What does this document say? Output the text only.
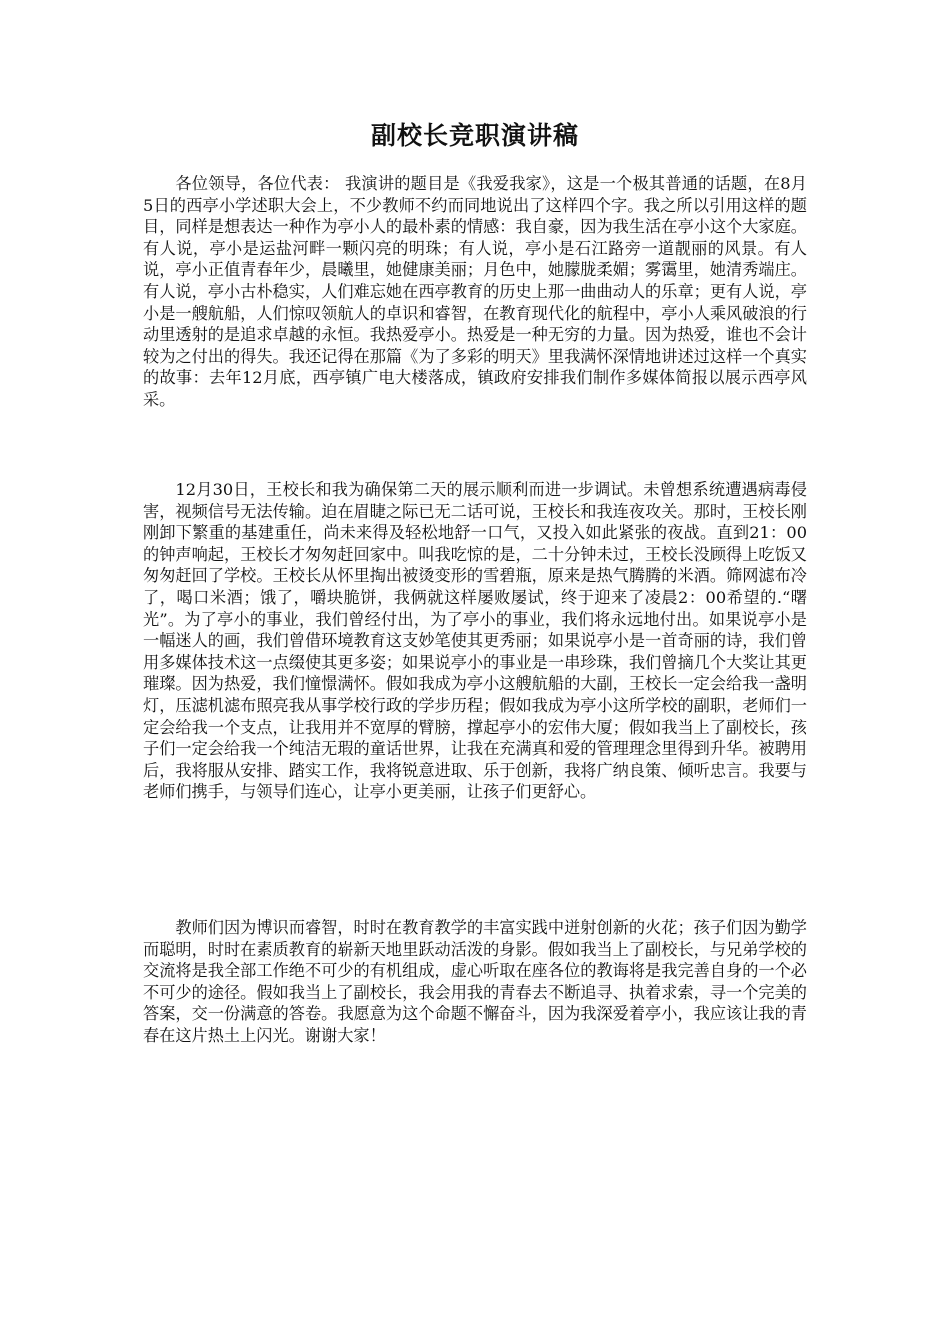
副校长竞职演讲稿

各位领导，各位代表： 我演讲的题目是《我爱我家》，这是一个极其普通的话题，在8月5日的西亭小学述职大会上，不少教师不约而同地说出了这样四个字。我之所以引用这样的题目，同样是想表达一种作为亭小人的最朴素的情感：我自豪，因为我生活在亭小这个大家庭。有人说，亭小是运盐河畔一颗闪亮的明珠；有人说，亭小是石江路旁一道靓丽的风景。有人说，亭小正值青春年少，晨曦里，她健康美丽；月色中，她朦胧柔媚；雾霭里，她清秀端庄。有人说，亭小古朴稳实，人们难忘她在西亭教育的历史上那一曲曲动人的乐章；更有人说，亭小是一艘航船，人们惊叹领航人的卓识和睿智，在教育现代化的航程中，亭小人乘风破浪的行动里透射的是追求卓越的永恒。我热爱亭小。热爱是一种无穷的力量。因为热爱，谁也不会计较为之付出的得失。我还记得在那篇《为了多彩的明天》里我满怀深情地讲述过这样一个真实的故事：去年12月底，西亭镇广电大楼落成，镇政府安排我们制作多媒体简报以展示西亭风采。

12月30日，王校长和我为确保第二天的展示顺利而进一步调试。未曾想系统遭遇病毒侵害，视频信号无法传输。迫在眉睫之际已无二话可说，王校长和我连夜攻关。那时，王校长刚刚卸下繁重的基建重任，尚未来得及轻松地舒一口气，又投入如此紧张的夜战。直到21：00的钟声响起，王校长才匆匆赶回家中。叫我吃惊的是，二十分钟未过，王校长没顾得上吃饭又匆匆赶回了学校。王校长从怀里掏出被烫变形的雪碧瓶，原来是热气腾腾的米酒。筛网滤布冷了，喝口米酒；饿了，嚼块脆饼，我俩就这样屡败屡试，终于迎来了凌晨2：00希望的.“曙光”。为了亭小的事业，我们曾经付出，为了亭小的事业，我们将永远地付出。如果说亭小是一幅迷人的画，我们曾借环境教育这支妙笔使其更秀丽；如果说亭小是一首奇丽的诗，我们曾用多媒体技术这一点缀使其更多姿；如果说亭小的事业是一串珍珠，我们曾摘几个大奖让其更璀璨。因为热爱，我们憧憬满怀。假如我成为亭小这艘航船的大副，王校长一定会给我一盏明灯，压滤机滤布照亮我从事学校行政的学步历程；假如我成为亭小这所学校的副职，老师们一定会给我一个支点，让我用并不宽厚的臂膀，撑起亭小的宏伟大厦；假如我当上了副校长，孩子们一定会给我一个纯洁无瑕的童话世界，让我在充满真和爱的管理理念里得到升华。被聘用后，我将服从安排、踏实工作，我将锐意进取、乐于创新，我将广纳良策、倾听忠言。我要与老师们携手，与领导们连心，让亭小更美丽，让孩子们更舒心。

教师们因为博识而睿智，时时在教育教学的丰富实践中迸射创新的火花；孩子们因为勤学而聪明，时时在素质教育的崭新天地里跃动活泼的身影。假如我当上了副校长，与兄弟学校的交流将是我全部工作绝不可少的有机组成，虚心听取在座各位的教诲将是我完善自身的一个必不可少的途径。假如我当上了副校长，我会用我的青春去不断追寻、执着求索，寻一个完美的答案，交一份满意的答卷。我愿意为这个命题不懈奋斗，因为我深爱着亭小，我应该让我的青春在这片热土上闪光。谢谢大家！
